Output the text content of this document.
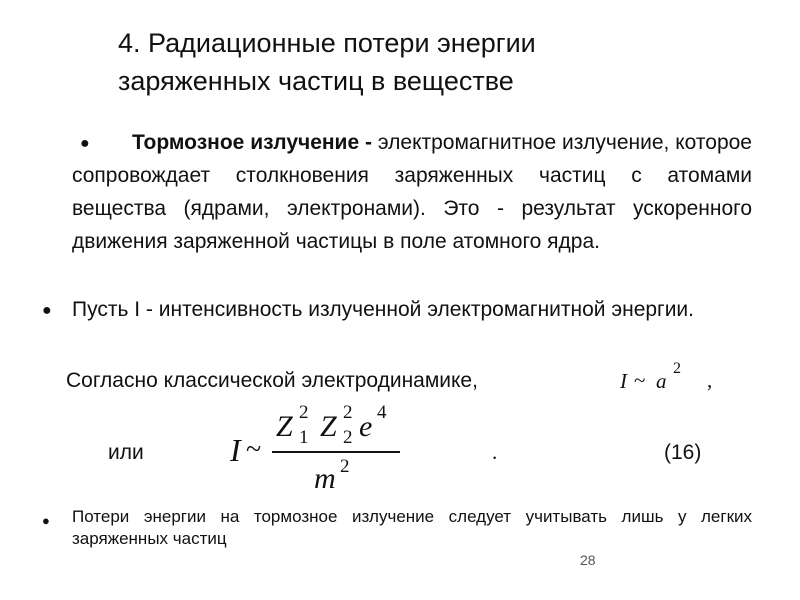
4. Радиационные потери энергии
заряженных частиц в веществе
●	Тормозное излучение - электромагнитное излучение, которое сопровождает столкновения заряженных частиц с атомами вещества (ядрами, электронами). Это - результат ускоренного движения заряженной частицы в поле атомного ядра.
● Пусть I - интенсивность излученной электромагнитной энергии.
Согласно классической электродинамике,	I ~ a
2 ,
или	I ~
Z 2
1 Z 2
2 e 4
m 2
.	(16)
● Потери энергии на тормозное излучение следует учитывать лишь у легких заряженных частиц
28
